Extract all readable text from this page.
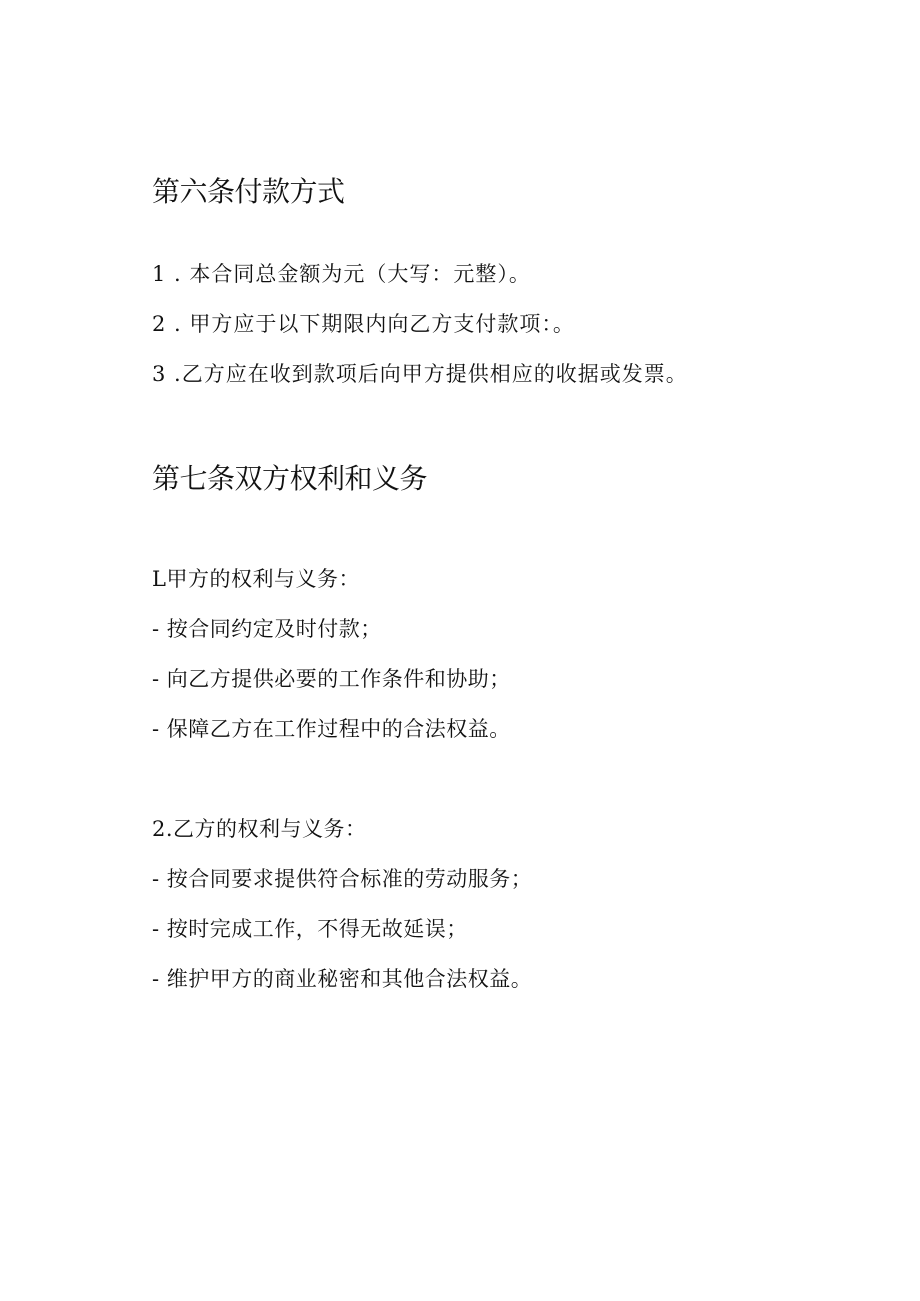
第六条付款方式

1 . 本合同总金额为元（大写：元整）。

2 . 甲方应于以下期限内向乙方支付款项：。

3 .乙方应在收到款项后向甲方提供相应的收据或发票。

第七条双方权利和义务

L甲方的权利与义务：

- 按合同约定及时付款；

- 向乙方提供必要的工作条件和协助；

- 保障乙方在工作过程中的合法权益。

2.乙方的权利与义务：

- 按合同要求提供符合标准的劳动服务；

- 按时完成工作，不得无故延误；

- 维护甲方的商业秘密和其他合法权益。
